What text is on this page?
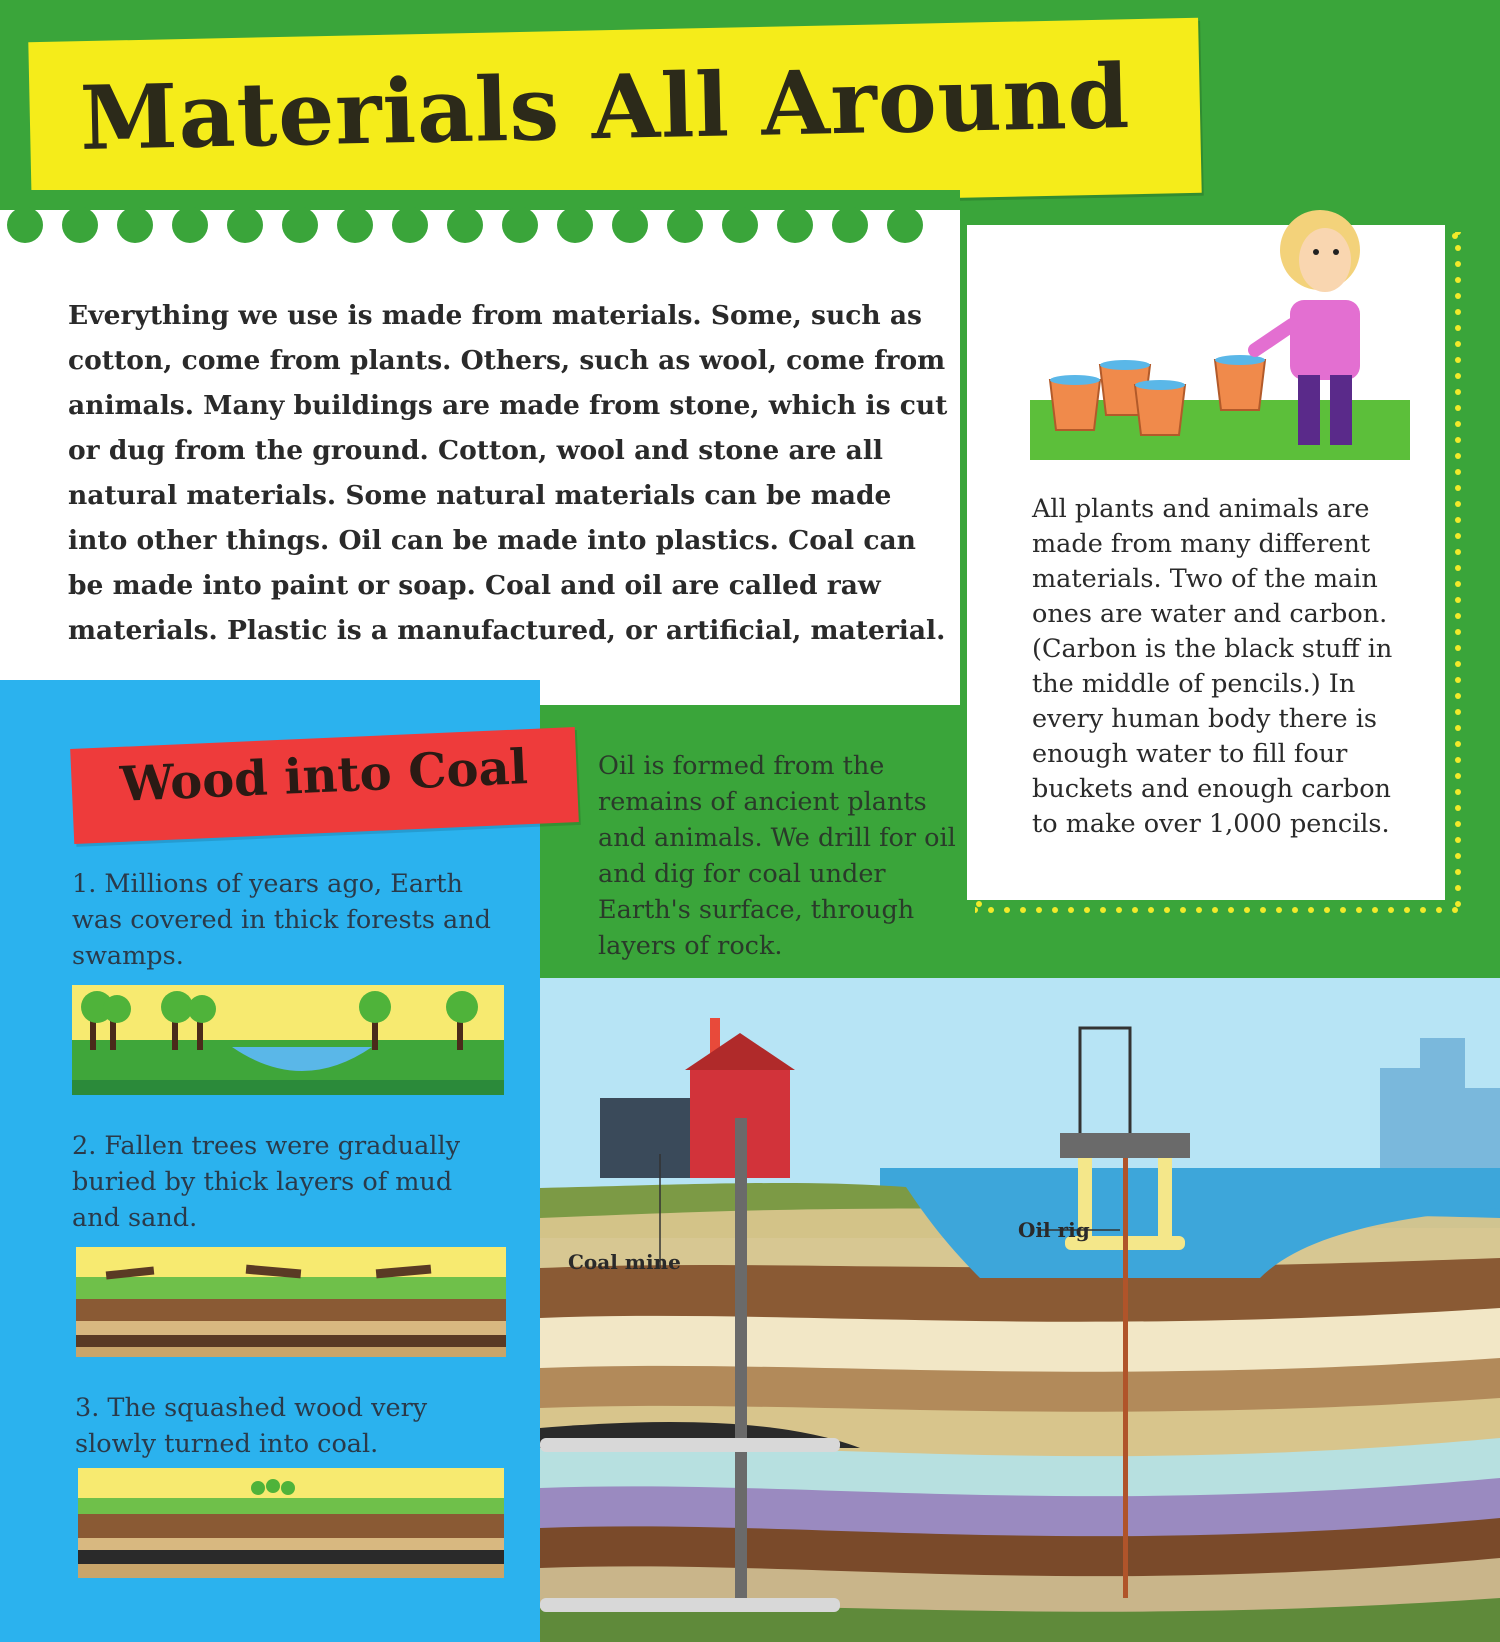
Materials All Around
Everything we use is made from materials. Some, such as cotton, come from plants. Others, such as wool, come from animals. Many buildings are made from stone, which is cut or dug from the ground. Cotton, wool and stone are all natural materials. Some natural materials can be made into other things. Oil can be made into plastics. Coal can be made into paint or soap. Coal and oil are called raw materials. Plastic is a manufactured, or artificial, material.
All plants and animals are made from many different materials. Two of the main ones are water and carbon. (Carbon is the black stuff in the middle of pencils.) In every human body there is enough water to fill four buckets and enough carbon to make over 1,000 pencils.
Wood into Coal
1. Millions of years ago, Earth was covered in thick forests and swamps.
2. Fallen trees were gradually buried by thick layers of mud and sand.
3. The squashed wood very slowly turned into coal.
Oil is formed from the remains of ancient plants and animals. We drill for oil and dig for coal under Earth's surface, through layers of rock.
Coal mine
Oil rig
